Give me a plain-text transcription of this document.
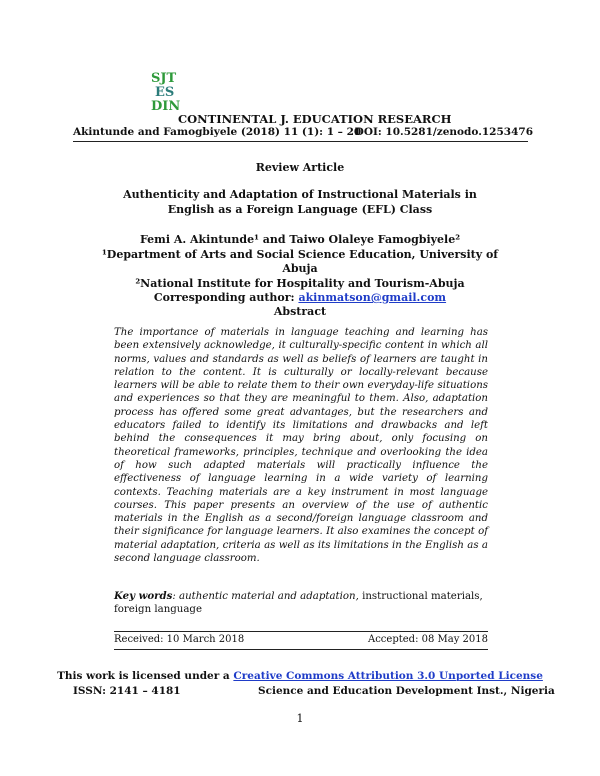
SJT
ES
DIN
CONTINENTAL J. EDUCATION RESEARCH
Akintunde and Famogbiyele (2018) 11 (1): 1 – 20
DOI: 10.5281/zenodo.1253476
Review Article
Authenticity and Adaptation of Instructional Materials in English as a Foreign Language (EFL) Class
Femi A. Akintunde¹ and Taiwo Olaleye Famogbiyele²
¹Department of Arts and Social Science Education, University of Abuja
²National Institute for Hospitality and Tourism-Abuja
Corresponding author: akinmatson@gmail.com
Abstract
The importance of materials in language teaching and learning has been extensively acknowledge, it culturally-specific content in which all norms, values and standards as well as beliefs of learners are taught in relation to the content. It is culturally or locally-relevant because learners will be able to relate them to their own everyday-life situations and experiences so that they are meaningful to them. Also, adaptation process has offered some great advantages, but the researchers and educators failed to identify its limitations and drawbacks and left behind the consequences it may bring about, only focusing on theoretical frameworks, principles, technique and overlooking the idea of how such adapted materials will practically influence the effectiveness of language learning in a wide variety of learning contexts. Teaching materials are a key instrument in most language courses. This paper presents an overview of the use of authentic materials in the English as a second/foreign language classroom and their significance for language learners. It also examines the concept of material adaptation, criteria as well as its limitations in the English as a second language classroom.
Key words: authentic material and adaptation, instructional materials, foreign language
Received: 10 March 2018	Accepted: 08 May 2018
This work is licensed under a Creative Commons Attribution 3.0 Unported License
ISSN: 2141 – 4181	Science and Education Development Inst., Nigeria
1
